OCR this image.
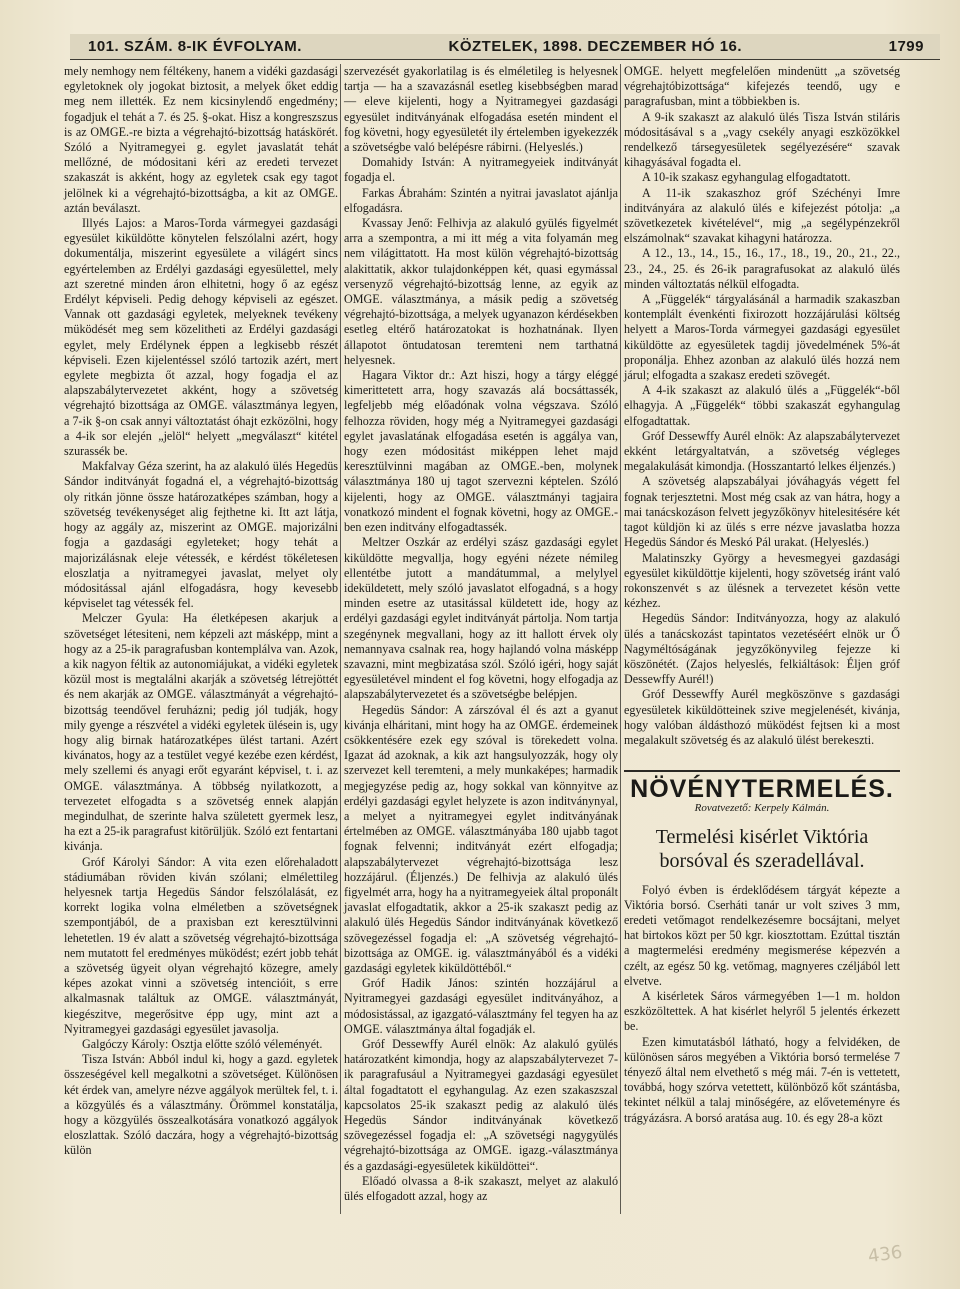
101. SZÁM. 8-IK ÉVFOLYAM.	KÖZTELEK, 1898. DECZEMBER HÓ 16.	1799

mely nemhogy nem féltékeny, hanem a vidéki gazdasági egyletoknek oly jogokat biztosit, a melyek őket eddig meg nem illették. Ez nem kicsinylendő engedmény; fogadjuk el tehát a 7. és 25. §-okat. Hisz a kongreszszus is az OMGE.-re bizta a végrehajtó-bizottság hatáskörét. Szóló a Nyitramegyei g. egylet javaslatát tehát mellőzné, de módositani kéri az eredeti tervezet szakaszát is akként, hogy az egyletek csak egy tagot jelölnek ki a végrehajtó-bizottságba, a kit az OMGE. aztán beválaszt.

Illyés Lajos: a Maros-Torda vármegyei gazdasági egyesület kiküldötte könytelen felszólalni azért, hogy dokumentálja, miszerint egyesülete a világért sincs egyértelemben az Erdélyi gazdasági egyesülettel, mely azt szeretné minden áron elhitetni, hogy ő az egész Erdélyt képviseli. Pedig dehogy képviseli az egészet. Vannak ott gazdasági egyletek, melyeknek tevékeny müködését meg sem közelitheti az Erdélyi gazdasági egylet, mely Erdélynek éppen a legkisebb részét képviseli. Ezen kijelentéssel szóló tartozik azért, mert egylete megbizta őt azzal, hogy fogadja el az alapszabálytervezetet akként, hogy a szövetség végrehajtó bizottsága az OMGE. választmánya legyen, a 7-ik §-on csak annyi változtatást óhajt ezközölni, hogy a 4-ik sor elején „jelöl“ helyett „megválaszt“ kitétel szurassék be.

Makfalvay Géza szerint, ha az alakuló ülés Hegedüs Sándor inditványát fogadná el, a végrehajtó-bizottság oly ritkán jönne össze határozatképes számban, hogy a szövetség tevékenységet alig fejthetne ki. Itt azt látja, hogy az aggály az, miszerint az OMGE. majorizálni fogja a gazdasági egyleteket; hogy tehát a majorizálásnak eleje vétessék, e kérdést tökéletesen eloszlatja a nyitramegyei javaslat, melyet oly módositással ajánl elfogadásra, hogy kevesebb képviselet tag vétessék fel.

Melczer Gyula: Ha életképesen akarjuk a szövetséget létesiteni, nem képzeli azt másképp, mint a hogy az a 25-ik paragrafusban kontemplálva van. Azok, a kik nagyon féltik az autonomiájukat, a vidéki egyletek közül most is megtalálni akarják a szövetség létrejöttét és nem akarják az OMGE. választmányát a végrehajtó-bizottság teendővel feruházni; pedig jól tudják, hogy mily gyenge a részvétel a vidéki egyletek ülésein is, ugy hogy alig birnak határozatképes ülést tartani. Azért kivánatos, hogy az a testület vegyé kezébe ezen kérdést, mely szellemi és anyagi erőt egyaránt képvisel, t. i. az OMGE. választmánya. A többség nyilatkozott, a tervezetet elfogadta s a szövetség ennek alapján megindulhat, de szerinte halva született gyermek lesz, ha ezt a 25-ik paragrafust kitörüljük. Szóló ezt fentartani kivánja.

Gróf Károlyi Sándor: A vita ezen előrehaladott stádiumában röviden kiván szólani; elmélettileg helyesnek tartja Hegedüs Sándor felszólalását, ez korrekt logika volna elméletben a szövetségnek szempontjából, de a praxisban ezt keresztülvinni lehetetlen. 19 év alatt a szövetség végrehajtó-bizottsága nem mutatott fel eredményes müködést; ezért jobb tehát a szövetség ügyeit olyan végrehajtó közegre, amely képes azokat vinni a szövetség intencióit, s erre alkalmasnak találtuk az OMGE. választmányát, kiegészitve, megerősitve épp ugy, mint azt a Nyitramegyei gazdasági egyesület javasolja.

Galgóczy Károly: Osztja előtte szóló véleményét.

Tisza István: Abból indul ki, hogy a gazd. egyletek összeségével kell megalkotni a szövetséget. Különösen két érdek van, amelyre nézve aggályok merültek fel, t. i. a közgyülés és a választmány. Örömmel konstatálja, hogy a közgyülés összealkotására vonatkozó aggályok eloszlattak. Szóló daczára, hogy a végrehajtó-bizottság külön

szervezését gyakorlatilag is és elméletileg is helyesnek tartja — ha a szavazásnál esetleg kisebbségben marad — eleve kijelenti, hogy a Nyitramegyei gazdasági egyesület inditványának elfogadása esetén mindent el fog követni, hogy egyesületét ily értelemben igyekezzék a szövetségbe való belépésre rábirni. (Helyeslés.)

Domahidy István: A nyitramegyeiek inditványát fogadja el.

Farkas Ábrahám: Szintén a nyitrai javaslatot ajánlja elfogadásra.

Kvassay Jenő: Felhivja az alakuló gyülés figyelmét arra a szempontra, a mi itt még a vita folyamán meg nem világittatott. Ha most külön végrehajtó-bizottság alakittatik, akkor tulajdonképpen két, quasi egymással versenyző végrehajtó-bizottság lenne, az egyik az OMGE. választmánya, a másik pedig a szövetség végrehajtó-bizottsága, a melyek ugyanazon kérdésekben esetleg eltérő határozatokat is hozhatnának. Ilyen állapotot öntudatosan teremteni nem tarthatná helyesnek.

Hagara Viktor dr.: Azt hiszi, hogy a tárgy eléggé kimerittetett arra, hogy szavazás alá bocsáttassék, legfeljebb még előadónak volna végszava. Szóló felhozza röviden, hogy még a Nyitramegyei gazdasági egylet javaslatának elfogadása esetén is aggálya van, hogy ezen módositást miképpen lehet majd keresztülvinni magában az OMGE.-ben, molynek választmánya 180 uj tagot szervezni képtelen. Szóló kijelenti, hogy az OMGE. választmányi tagjaira vonatkozó mindent el fognak követni, hogy az OMGE.-ben ezen inditvány elfogadtassék.

Meltzer Oszkár az erdélyi szász gazdasági egylet kiküldötte megvallja, hogy egyéni nézete némileg ellentétbe jutott a mandátummal, a melylyel ideküldetett, mely szóló javaslatot elfogadná, s a hogy minden esetre az utasitással küldetett ide, hogy az erdélyi gazdasági egylet inditványát pártolja. Nom tartja szegénynek megvallani, hogy az itt hallott érvek oly nemannyava csalnak rea, hogy hajlandó volna másképp szavazni, mint megbizatása szól. Szóló igéri, hogy saját egyesületével mindent el fog követni, hogy elfogadja az alapszabálytervezetet és a szövetségbe belépjen.

Hegedüs Sándor: A zárszóval él és azt a gyanut kivánja elháritani, mint hogy ha az OMGE. érdemeinek csökkentésére ezek egy szóval is törekedett volna. Igazat ád azoknak, a kik azt hangsulyozzák, hogy oly szervezet kell teremteni, a mely munkaképes; harmadik megjegyzése pedig az, hogy sokkal van könnyitve az erdélyi gazdasági egylet helyzete is azon inditványnyal, a melyet a nyitramegyei egylet inditványának értelmében az OMGE. választmányába 180 ujabb tagot fognak felvenni; inditványát ezért elfogadja; alapszabálytervezet végrehajtó-bizottsága lesz hozzájárul. (Éljenzés.) De felhivja az alakuló ülés figyelmét arra, hogy ha a nyitramegyeiek által proponált javaslat elfogadtatik, akkor a 25-ik szakaszt pedig az alakuló ülés Hegedüs Sándor inditványának következő szövegezéssel fogadja el: „A szövetség végrehajtó-bizottsága az OMGE. ig. választmányából és a vidéki gazdasági egyletek kiküldöttéből.“

Gróf Hadik János: szintén hozzájárul a Nyitramegyei gazdasági egyesület inditványához, a módosistással, az igazgató-választmány fel tegyen ha az OMGE. választmánya által fogadják el.

Gróf Dessewffy Aurél elnök: Az alakuló gyülés határozatként kimondja, hogy az alapszabálytervezet 7-ik paragrafusául a Nyitramegyei gazdasági egyesület által fogadtatott el egyhangulag. Az ezen szakaszszal kapcsolatos 25-ik szakaszt pedig az alakuló ülés Hegedüs Sándor inditványának következő szövegezéssel fogadja el: „A szövetségi nagygyülés végrehajtó-bizottsága az OMGE. igazg.-választmánya és a gazdasági-egyesületek kiküldöttei“.

Előadó olvassa a 8-ik szakaszt, melyet az alakuló ülés elfogadott azzal, hogy az

OMGE. helyett megfelelően mindenütt „a szövetség végrehajtóbizottsága“ kifejezés teendő, ugy e paragrafusban, mint a többiekben is.

A 9-ik szakaszt az alakuló ülés Tisza István stiláris módositásával s a „vagy csekély anyagi eszközökkel rendelkező társegyesületek segélyezésére“ szavak kihagyásával fogadta el.

A 10-ik szakasz egyhangulag elfogadtatott.

A 11-ik szakaszhoz gróf Széchényi Imre inditványára az alakuló ülés e kifejezést pótolja: „a szövetkezetek kivételével“, mig „a segélypénzekről elszámolnak“ szavakat kihagyni határozza.

A 12., 13., 14., 15., 16., 17., 18., 19., 20., 21., 22., 23., 24., 25. és 26-ik paragrafusokat az alakuló ülés minden változtatás nélkül elfogadta.

A „Függelék“ tárgyalásánál a harmadik szakaszban kontemplált évenkénti fixirozott hozzájárulási költség helyett a Maros-Torda vármegyei gazdasági egyesület kiküldötte az egyesületek tagdij jövedelmének 5%-át proponálja. Ehhez azonban az alakuló ülés hozzá nem járul; elfogadta a szakasz eredeti szövegét.

A 4-ik szakaszt az alakuló ülés a „Függelék“-ből elhagyja. A „Függelék“ többi szakaszát egyhangulag elfogadtattak.

Gróf Dessewffy Aurél elnök: Az alapszabálytervezet ekként letárgyaltatván, a szövetség végleges megalakulását kimondja. (Hosszantartó lelkes éljenzés.)

A szövetség alapszabályai jóváhagyás végett fel fognak terjesztetni. Most még csak az van hátra, hogy a mai tanácskozáson felvett jegyzőkönyv hitelesitésére két tagot küldjön ki az ülés s erre nézve javaslatba hozza Hegedüs Sándor és Meskó Pál urakat. (Helyeslés.)

Malatinszky György a hevesmegyei gazdasági egyesület kiküldöttje kijelenti, hogy szövetség iránt való rokonszenvét s az ülésnek a tervezetet késön vette kézhez.

Hegedüs Sándor: Inditványozza, hogy az alakuló ülés a tanácskozást tapintatos vezetéséért elnök ur Ő Nagyméltóságának jegyzőkönyvileg fejezze ki köszönétét. (Zajos helyeslés, felkiáltások: Éljen gróf Dessewffy Aurél!)

Gróf Dessewffy Aurél megköszönve s gazdasági egyesületek kiküldötteinek szive megjelenését, kivánja, hogy valóban áldásthozó müködést fejtsen ki a most megalakult szövetség és az alakuló ülést berekeszti.

NÖVÉNYTERMELÉS.
Rovatvezető: Kerpely Kálmán.
Termelési kisérlet Viktória borsóval és szeradellával.

Folyó évben is érdeklődésem tárgyát képezte a Viktória borsó. Cserháti tanár ur volt szives 3 mm, eredeti vetőmagot rendelkezésemre bocsájtani, melyet hat birtokos közt per 50 kgr. kiosztottam. Ezúttal tisztán a magtermelési eredmény megismerése képezvén a czélt, az egész 50 kg. vetőmag, magnyeres czéljából lett elvetve.

A kisérletek Sáros vármegyében 1—1 m. holdon eszközöltettek. A hat kisérlet helyről 5 jelentés érkezett be.

Ezen kimutatásból látható, hogy a felvidéken, de különösen sáros megyében a Viktória borsó termelése 7 tényező által nem elvethető s még mái. 7-én is vettetett, továbbá, hogy szórva vetettett, különböző kőt szántásba, tekintet nélkül a talaj minőségére, az előveteményre és trágyázásra. A borsó aratása aug. 10. és egy 28-a közt

436
